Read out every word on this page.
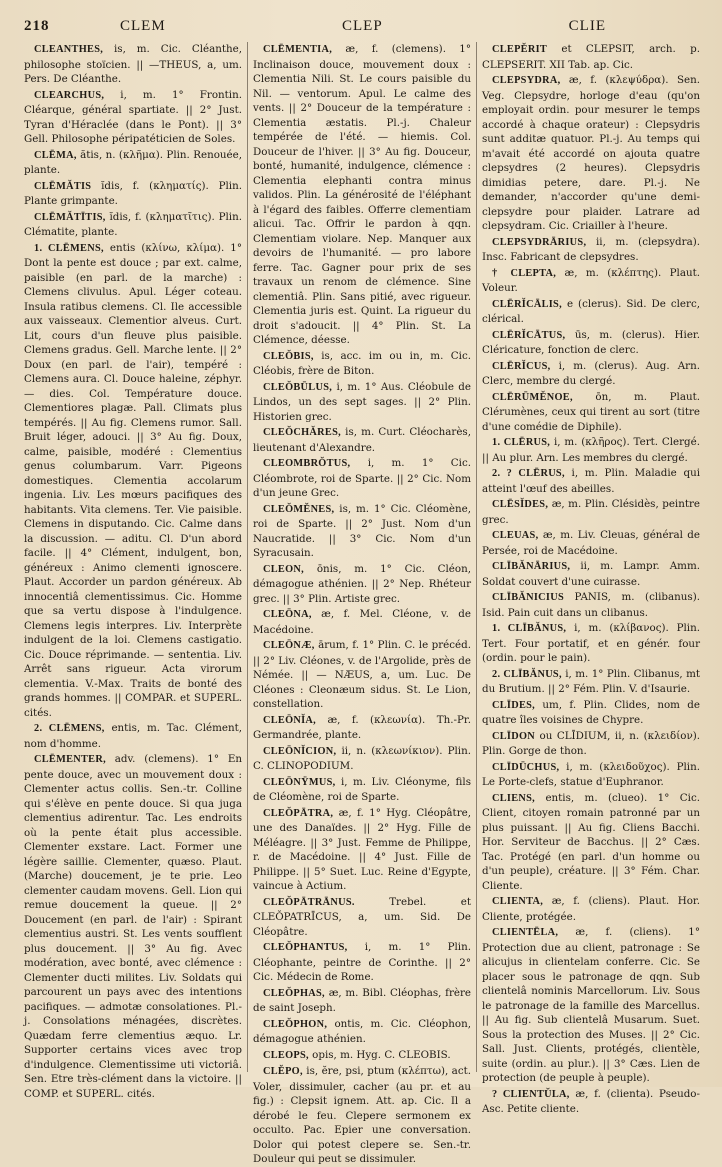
218	CLEM	CLEP	CLIE

CLEANTHES, is, m. Cic. Cléanthe, philosophe stoïcien. || —THEUS, a, um. Pers. De Cléanthe.

CLEARCHUS, i, m. 1° Frontin. Cléarque, général spartiate. || 2° Just. Tyran d'Héraclée (dans le Pont). || 3° Gell. Philosophe péripatéticien de Soles.

CLĒMA, ătis, n. (κλῆμα). Plin. Renouée, plante.

CLĒMĂTIS ĭdis, f. (κληματίς). Plin. Plante grimpante.

CLĒMĂTĪTIS, ĭdis, f. (κληματῖτις). Plin. Clématite, plante.

1. CLĒMENS, entis (κλίνω, κλίμα). 1° Dont la pente est douce ; par ext. calme, paisible (en parl. de la marche) : Clemens clivulus. Apul. Léger coteau. Insula ratibus clemens. Cl. Ile accessible aux vaisseaux. Clementior alveus. Curt. Lit, cours d'un fleuve plus paisible. Clemens gradus. Gell. Marche lente. || 2° Doux (en parl. de l'air), tempéré : Clemens aura. Cl. Douce haleine, zéphyr. — dies. Col. Température douce. Clementiores plagæ. Pall. Climats plus tempérés. || Au fig. Clemens rumor. Sall. Bruit léger, adouci. || 3° Au fig. Doux, calme, paisible, modéré : Clementius genus columbarum. Varr. Pigeons domestiques. Clementia accolarum ingenia. Liv. Les mœurs pacifiques des habitants. Vita clemens. Ter. Vie paisible. Clemens in disputando. Cic. Calme dans la discussion. — aditu. Cl. D'un abord facile. || 4° Clément, indulgent, bon, généreux : Animo clementi ignoscere. Plaut. Accorder un pardon généreux. Ab innocentiâ clementissimus. Cic. Homme que sa vertu dispose à l'indulgence. Clemens legis interpres. Liv. Interprète indulgent de la loi. Clemens castigatio. Cic. Douce réprimande. — sententia. Liv. Arrêt sans rigueur. Acta virorum clementia. V.-Max. Traits de bonté des grands hommes. || COMPAR. et SUPERL. cités.

2. CLĒMENS, entis, m. Tac. Clément, nom d'homme.

CLĒMENTER, adv. (clemens). 1° En pente douce, avec un mouvement doux : Clementer actus collis. Sen.-tr. Colline qui s'élève en pente douce. Si qua juga clementius adirentur. Tac. Les endroits où la pente était plus accessible. Clementer exstare. Lact. Former une légère saillie. Clementer, quæso. Plaut. (Marche) doucement, je te prie. Leo clementer caudam movens. Gell. Lion qui remue doucement la queue. || 2° Doucement (en parl. de l'air) : Spirant clementius austri. St. Les vents soufflent plus doucement. || 3° Au fig. Avec modération, avec bonté, avec clémence : Clementer ducti milites. Liv. Soldats qui parcourent un pays avec des intentions pacifiques. — admotæ consolationes. Pl.-j. Consolations ménagées, discrètes. Quædam ferre clementius æquo. Lr. Supporter certains vices avec trop d'indulgence. Clementissime uti victoriâ. Sen. Etre très-clément dans la victoire. || COMP. et SUPERL. cités.

CLĒMENTIA, æ, f. (clemens). 1° Inclinaison douce, mouvement doux : Clementia Nili. St. Le cours paisible du Nil. — ventorum. Apul. Le calme des vents. || 2° Douceur de la température : Clementia æstatis. Pl.-j. Chaleur tempérée de l'été. — hiemis. Col. Douceur de l'hiver. || 3° Au fig. Douceur, bonté, humanité, indulgence, clémence : Clementia elephanti contra minus validos. Plin. La générosité de l'éléphant à l'égard des faibles. Offerre clementiam alicui. Tac. Offrir le pardon à qqn. Clementiam violare. Nep. Manquer aux devoirs de l'humanité. — pro labore ferre. Tac. Gagner pour prix de ses travaux un renom de clémence. Sine clementiâ. Plin. Sans pitié, avec rigueur. Clementia juris est. Quint. La rigueur du droit s'adoucit. || 4° Plin. St. La Clémence, déesse.

CLEŎBIS, is, acc. im ou in, m. Cic. Cléobis, frère de Biton.

CLEŎBŪLUS, i, m. 1° Aus. Cléobule de Lindos, un des sept sages. || 2° Plin. Historien grec.

CLEŎCHĂRES, is, m. Curt. Cléocharès, lieutenant d'Alexandre.

CLEOMBRŎTUS, i, m. 1° Cic. Cléombrote, roi de Sparte. || 2° Cic. Nom d'un jeune Grec.

CLEŎMĔNES, is, m. 1° Cic. Cléomène, roi de Sparte. || 2° Just. Nom d'un Naucratide. || 3° Cic. Nom d'un Syracusain.

CLEON, ōnis, m. 1° Cic. Cléon, démagogue athénien. || 2° Nep. Rhéteur grec. || 3° Plin. Artiste grec.

CLEŌNA, æ, f. Mel. Cléone, v. de Macédoine.

CLEŌNÆ, ārum, f. 1° Plin. C. le précéd. || 2° Liv. Cléones, v. de l'Argolide, près de Némée. || — NÆUS, a, um. Luc. De Cléones : Cleonæum sidus. St. Le Lion, constellation.

CLEŌNĬA, æ, f. (κλεωνία). Th.-Pr. Germandrée, plante.

CLEŌNĬCION, ii, n. (κλεωνίκιον). Plin. C. CLINOPODIUM.

CLEŌNŸMUS, i, m. Liv. Cléonyme, fils de Cléomène, roi de Sparte.

CLEŎPĀTRA, æ, f. 1° Hyg. Cléopâtre, une des Danaïdes. || 2° Hyg. Fille de Méléagre. || 3° Just. Femme de Philippe, r. de Macédoine. || 4° Just. Fille de Philippe. || 5° Suet. Luc. Reine d'Egypte, vaincue à Actium.

CLEŎPĀTRĀNUS.	Trebel. et CLEŎPATRĪCUS, a, um. Sid. De Cléopâtre.

CLEŎPHANTUS, i, m. 1° Plin. Cléophante, peintre de Corinthe. || 2° Cic. Médecin de Rome.

CLEŎPHAS, æ, m. Bibl. Cléophas, frère de saint Joseph.

CLEŎPHON, ontis, m. Cic. Cléophon, démagogue athénien.

CLEOPS, opis, m. Hyg. C. CLEOBIS.

CLĔPO, is, ĕre, psi, ptum (κλέπτω), act. Voler, dissimuler, cacher (au pr. et au fig.) : Clepsit ignem. Att. ap. Cic. Il a dérobé le feu. Clepere sermonem ex occulto. Pac. Epier une conversation. Dolor qui potest clepere se. Sen.-tr. Douleur qui peut se dissimuler.

CLEPĔRIT et CLEPSIT, arch. p. CLEPSERIT. XII Tab. ap. Cic.

CLEPSYDRA, æ, f. (κλεψύδρα). Sen. Veg. Clepsydre, horloge d'eau (qu'on employait ordin. pour mesurer le temps accordé à chaque orateur) : Clepsydris sunt additæ quatuor. Pl.-j. Au temps qui m'avait été accordé on ajouta quatre clepsydres (2 heures). Clepsydris dimidias petere, dare. Pl.-j. Ne demander, n'accorder qu'une demi-clepsydre pour plaider. Latrare ad clepsydram. Cic. Criailler à l'heure.

CLEPSYDRĀRIUS, ii, m. (clepsydra). Insc. Fabricant de clepsydres.

† CLEPTA, æ, m. (κλέπτης). Plaut. Voleur.

CLĒRĬCĀLIS, e (clerus). Sid. De clerc, clérical.

CLĒRĬCĀTUS, ūs, m. (clerus). Hier. Cléricature, fonction de clerc.

CLĒRĬCUS, i, m. (clerus). Aug. Arn. Clerc, membre du clergé.

CLĒRŪMĔNOE, ōn, m. Plaut. Clérumènes, ceux qui tirent au sort (titre d'une comédie de Diphile).

1. CLĒRUS, i, m. (κλῆρος). Tert. Clergé. || Au plur. Arn. Les membres du clergé.

2. ? CLĒRUS, i, m. Plin. Maladie qui atteint l'œuf des abeilles.

CLĒSĬDES, æ, m. Plin. Clésidès, peintre grec.

CLEUAS, æ, m. Liv. Cleuas, général de Persée, roi de Macédoine.

CLĪBĂNĀRIUS, ii, m. Lampr. Amm. Soldat couvert d'une cuirasse.

CLĪBĂNICIUS PANIS, m. (clibanus). Isid. Pain cuit dans un clibanus.

1. CLĪBĂNUS, i, m. (κλίβανος). Plin. Tert. Four portatif, et en génér. four (ordin. pour le pain).

2. CLĪBĂNUS, i, m. 1° Plin. Clibanus, mt du Brutium. || 2° Fém. Plin. V. d'Isaurie.

CLĪDES, um, f. Plin. Clides, nom de quatre îles voisines de Chypre.

CLĪDON ou CLĪDIUM, ii, n. (κλειδίον). Plin. Gorge de thon.

CLĪDŪCHUS, i, m. (κλειδοῦχος). Plin. Le Porte-clefs, statue d'Euphranor.

CLIENS, entis, m. (clueo). 1° Cic. Client, citoyen romain patronné par un plus puissant. || Au fig. Cliens Bacchi. Hor. Serviteur de Bacchus. || 2° Cæs. Tac. Protégé (en parl. d'un homme ou d'un peuple), créature. || 3° Fém. Char. Cliente.

CLIENTA, æ, f. (cliens). Plaut. Hor. Cliente, protégée.

CLIENTĒLA, æ, f. (cliens). 1° Protection due au client, patronage : Se alicujus in clientelam conferre. Cic. Se placer sous le patronage de qqn. Sub clientelâ nominis Marcellorum. Liv. Sous le patronage de la famille des Marcellus. || Au fig. Sub clientelâ Musarum. Suet. Sous la protection des Muses. || 2° Cic. Sall. Just. Clients, protégés, clientèle, suite (ordin. au plur.). || 3° Cæs. Lien de protection (de peuple à peuple).

? CLIENTŬLA, æ, f. (clienta). Pseudo-Asc. Petite cliente.
